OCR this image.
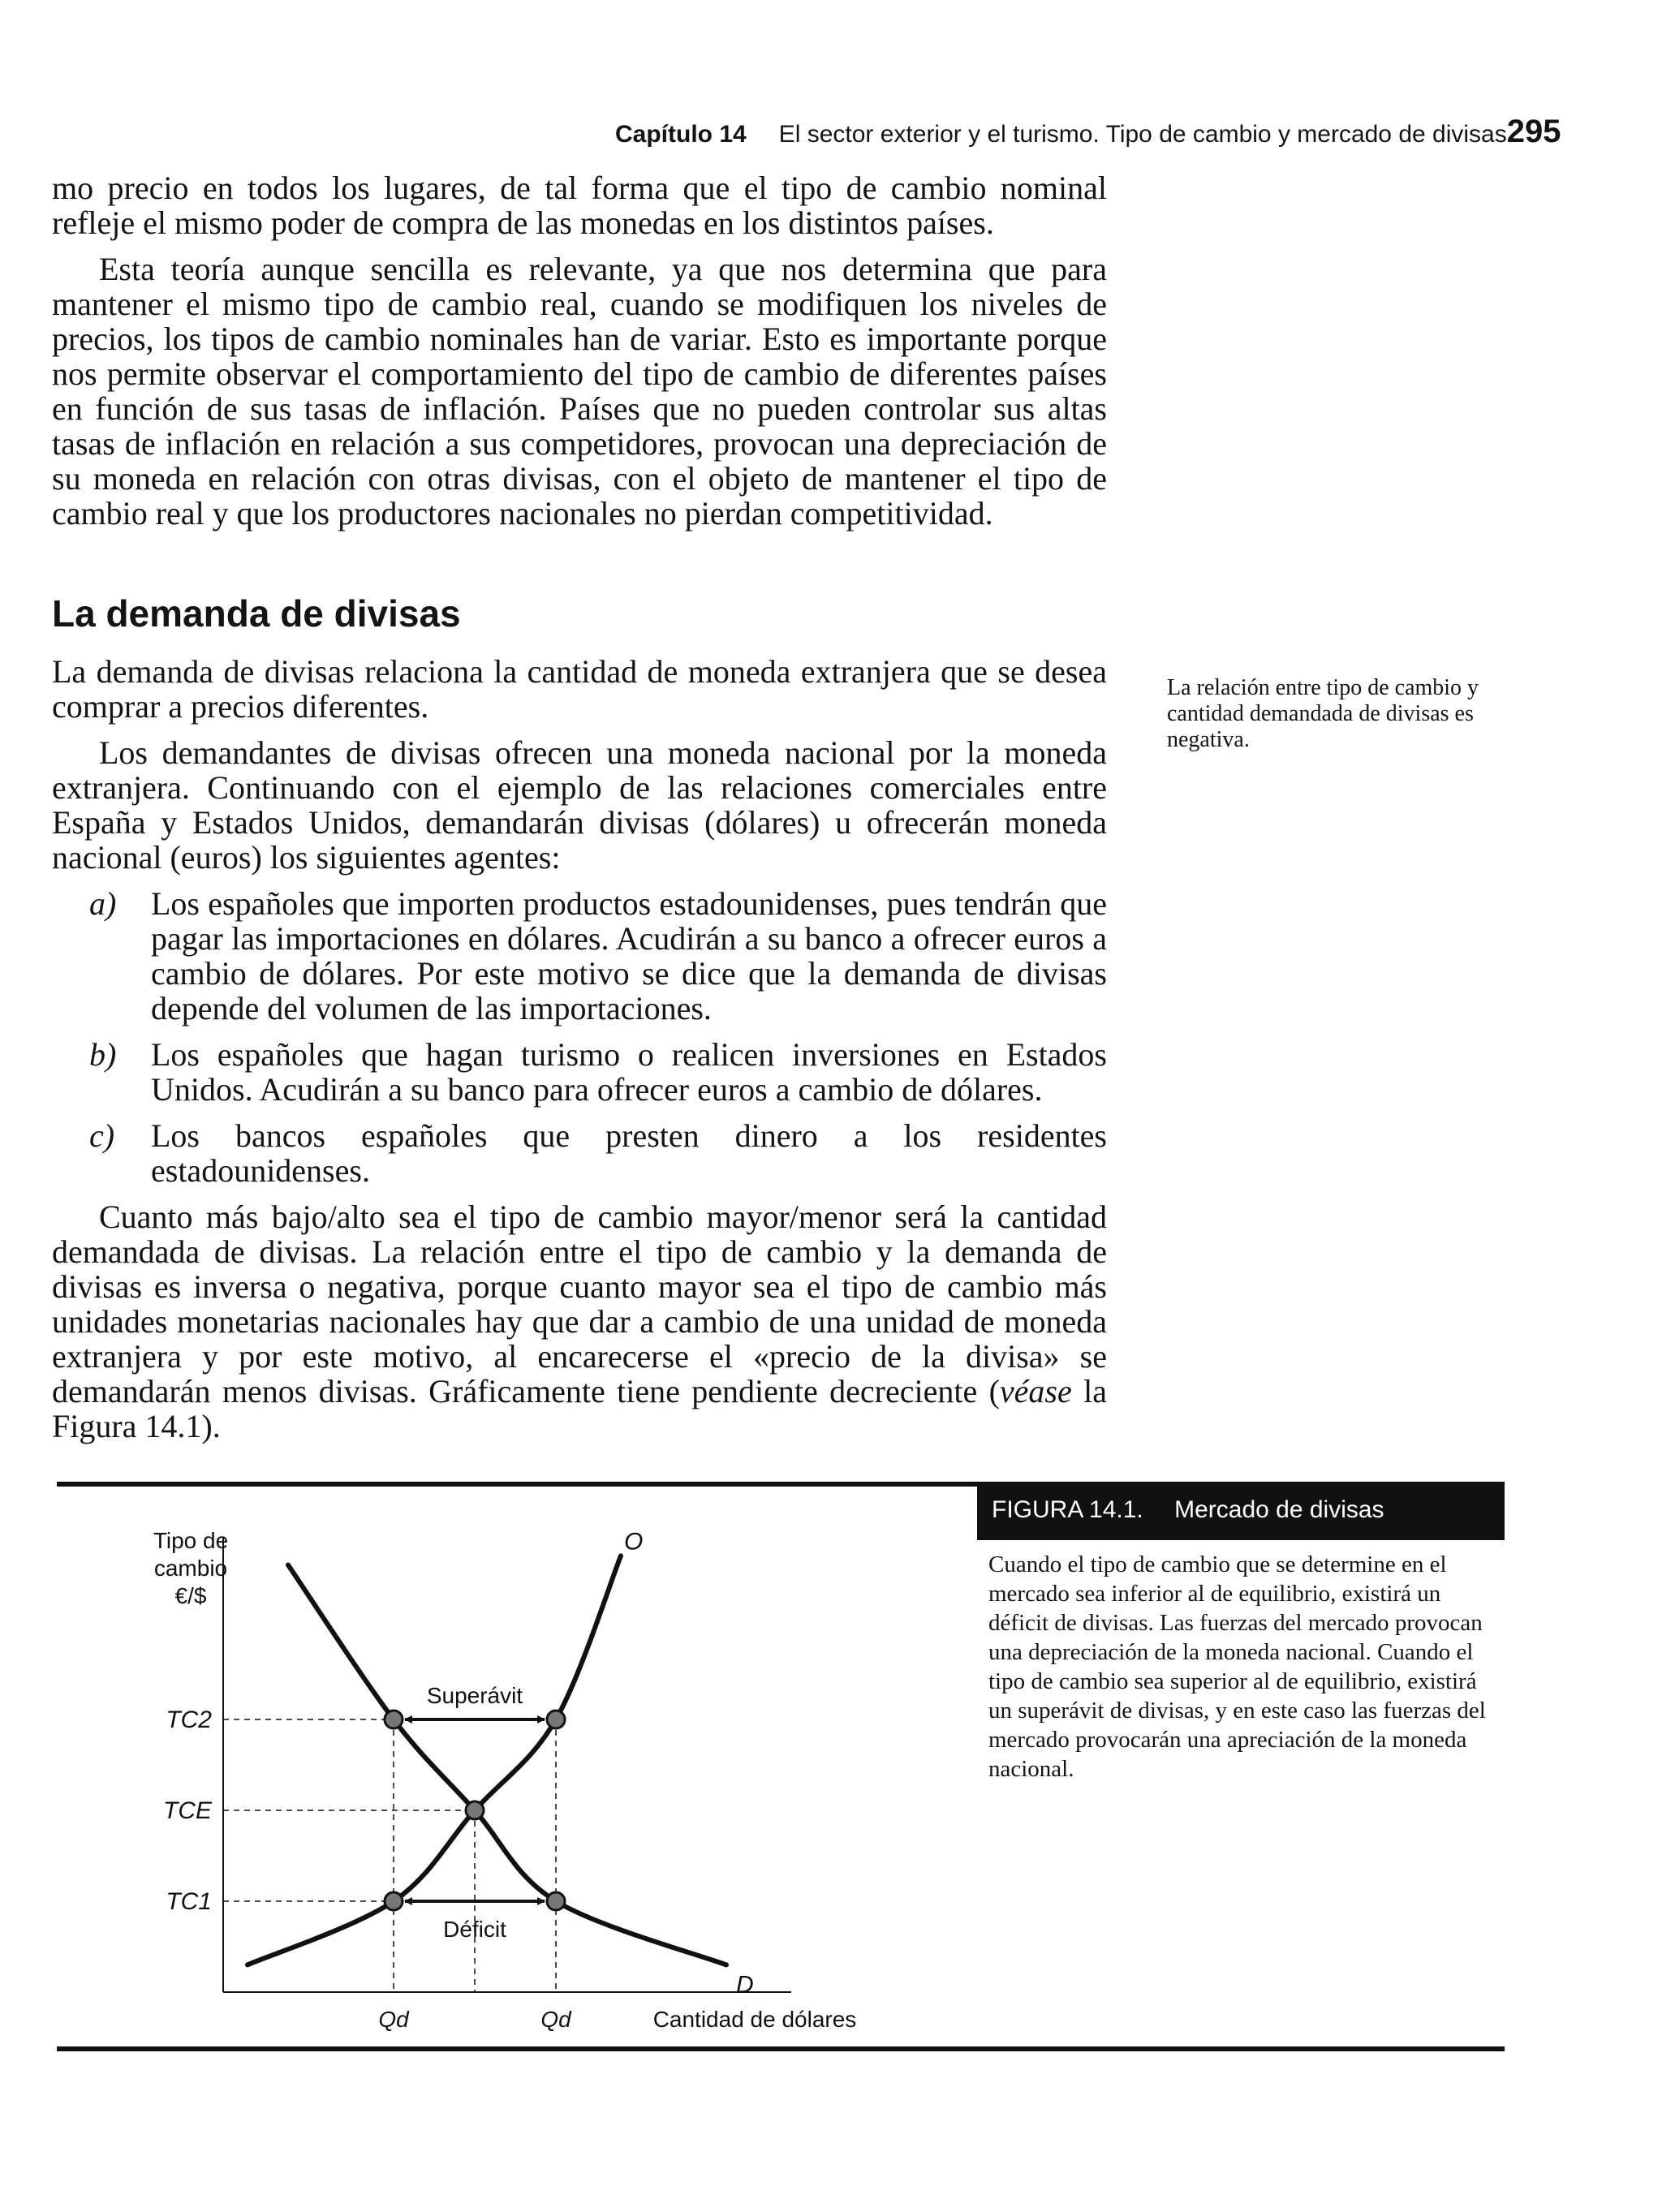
Capítulo 14 El sector exterior y el turismo. Tipo de cambio y mercado de divisas 295

mo precio en todos los lugares, de tal forma que el tipo de cambio nominal refleje el mismo poder de compra de las monedas en los distintos países.

Esta teoría aunque sencilla es relevante, ya que nos determina que para mantener el mismo tipo de cambio real, cuando se modifiquen los niveles de precios, los tipos de cambio nominales han de variar. Esto es importante porque nos permite observar el comportamiento del tipo de cambio de diferentes países en función de sus tasas de inflación. Países que no pueden controlar sus altas tasas de inflación en relación a sus competidores, provocan una depreciación de su moneda en relación con otras divisas, con el objeto de mantener el tipo de cambio real y que los productores nacionales no pierdan competitividad.

La demanda de divisas

La demanda de divisas relaciona la cantidad de moneda extranjera que se desea comprar a precios diferentes.

Los demandantes de divisas ofrecen una moneda nacional por la moneda extranjera. Continuando con el ejemplo de las relaciones comerciales entre España y Estados Unidos, demandarán divisas (dólares) u ofrecerán moneda nacional (euros) los siguientes agentes:

a)	Los españoles que importen productos estadounidenses, pues tendrán que pagar las importaciones en dólares. Acudirán a su banco a ofrecer euros a cambio de dólares. Por este motivo se dice que la demanda de divisas depende del volumen de las importaciones.
b)	Los españoles que hagan turismo o realicen inversiones en Estados Unidos. Acudirán a su banco para ofrecer euros a cambio de dólares.
c)	Los bancos españoles que presten dinero a los residentes estadounidenses.

Cuanto más bajo/alto sea el tipo de cambio mayor/menor será la cantidad demandada de divisas. La relación entre el tipo de cambio y la demanda de divisas es inversa o negativa, porque cuanto mayor sea el tipo de cambio más unidades monetarias nacionales hay que dar a cambio de una unidad de moneda extranjera y por este motivo, al encarecerse el «precio de la divisa» se demandarán menos divisas. Gráficamente tiene pendiente decreciente (véase la Figura 14.1).

La relación entre tipo de cambio y cantidad demandada de divisas es negativa.
FIGURA 14.1. Mercado de divisas
Cuando el tipo de cambio que se determine en el mercado sea inferior al de equilibrio, existirá un déficit de divisas. Las fuerzas del mercado provocan una depreciación de la moneda nacional. Cuando el tipo de cambio sea superior al de equilibrio, existirá un superávit de divisas, y en este caso las fuerzas del mercado provocarán una apreciación de la moneda nacional.
Tipo de
cambio
€/$
Cantidad de dólares
TC2
TCE
TC1
Qd	Qd
D
O
Superávit
Déficit
